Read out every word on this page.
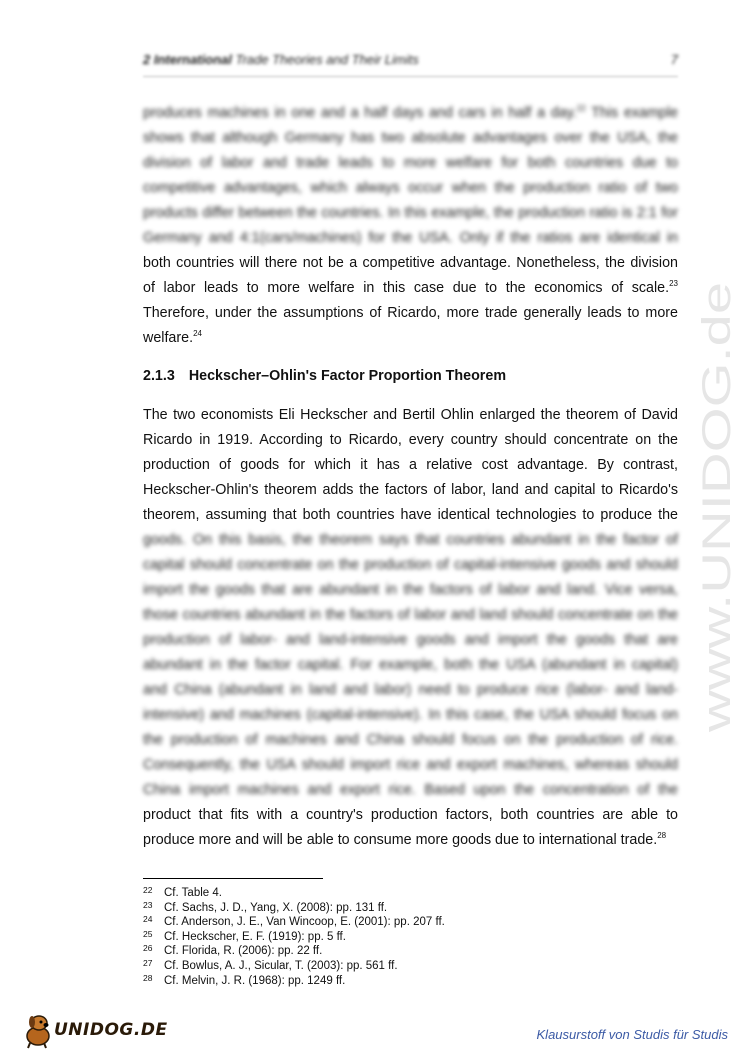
2 International Trade Theories and Their Limits	7
produces machines in one and a half days and cars in half a day.$^{22}$ This example
shows that although Germany has two absolute advantages over the USA, the
division of labor and trade leads to more welfare for both countries due to
competitive advantages, which always occur when the production ratio of two
products differ between the countries. In this example, the production ratio is 2:1 for
Germany and 4:1(cars/machines) for the USA. Only if the ratios are identical in
both countries will there not be a competitive advantage. Nonetheless, the division
of labor leads to more welfare in this case due to the economics of scale.$^{23}$
Therefore, under the assumptions of Ricardo, more trade generally leads to more
welfare.$^{24}$
2.1.3 Heckscher–Ohlin's Factor Proportion Theorem
The two economists Eli Heckscher and Bertil Ohlin enlarged the theorem of David
Ricardo in 1919. According to Ricardo, every country should concentrate on the
production of goods for which it has a relative cost advantage. By contrast,
Heckscher-Ohlin's theorem adds the factors of labor, land and capital to Ricardo's
theorem, assuming that both countries have identical technologies to produce the
goods. On this basis, the theorem says that countries abundant in the factor of
capital should concentrate on the production of capital-intensive goods and should
import the goods that are abundant in the factors of labor and land. Vice versa,
those countries abundant in the factors of labor and land should concentrate on the
production of labor- and land-intensive goods and import the goods that are
abundant in the factor capital. For example, both the USA (abundant in capital)
and China (abundant in land and labor) need to produce rice (labor- and land-
intensive) and machines (capital-intensive). In this case, the USA should focus on
the production of machines and China should focus on the production of rice.
Consequently, the USA should import rice and export machines, whereas should
China import machines and export rice. Based upon the concentration of the
product that fits with a country's production factors, both countries are able to
produce more and will be able to consume more goods due to international trade.$^{28}$
22 Cf. Table 4.
23 Cf. Sachs, J. D., Yang, X. (2008): pp. 131 ff.
24 Cf. Anderson, J. E., Van Wincoop, E. (2001): pp. 207 ff.
25 Cf. Heckscher, E. F. (1919): pp. 5 ff.
26 Cf. Florida, R. (2006): pp. 22 ff.
27 Cf. Bowlus, A. J., Sicular, T. (2003): pp. 561 ff.
28 Cf. Melvin, J. R. (1968): pp. 1249 ff.
www.UNIDOG.de
UNIDOG.DE	Klausurstoff von Studis für Studis
